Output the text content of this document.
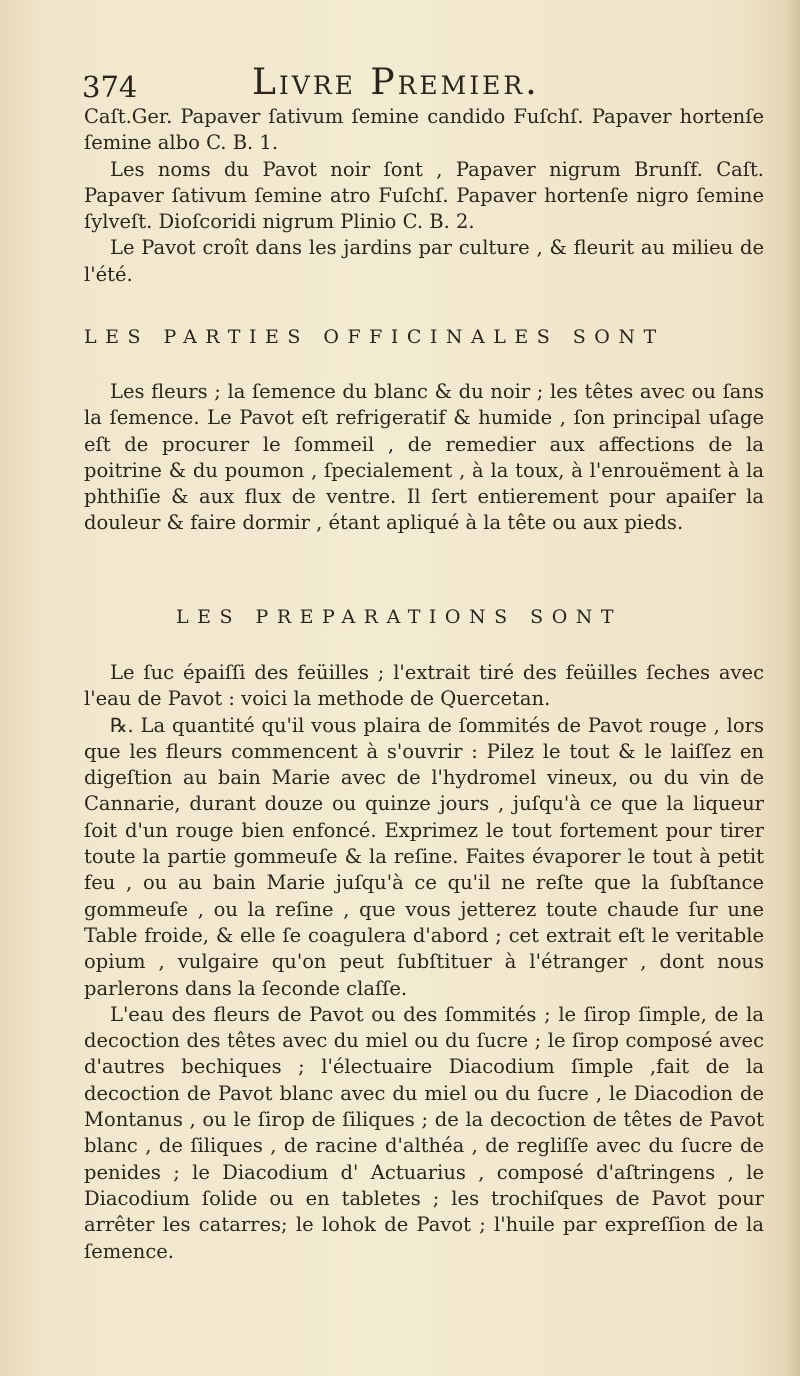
374	Livre Premier.

Caſt.Ger. Papaver ſativum ſemine candido Fuſchſ. Papaver hortenſe ſemine albo C. B. 1.

Les noms du Pavot noir ſont , Papaver nigrum Brunſf. Caſt. Papaver ſativum ſemine atro Fuſchſ. Papaver hortenſe nigro ſemine ſylveſt. Dioſcoridi nigrum Plinio C. B. 2.

Le Pavot croît dans les jardins par culture , & fleurit au milieu de l'été.

LES PARTIES OFFICINALES SONT

Les fleurs ; la ſemence du blanc & du noir ; les têtes avec ou ſans la ſemence. Le Pavot eſt refrigeratif & humide , ſon principal uſage eſt de procurer le ſommeil , de remedier aux affections de la poitrine & du poumon , ſpecialement , à la toux, à l'enrouëment à la phthiſie & aux flux de ventre. Il ſert entierement pour apaiſer la douleur & faire dormir , étant apliqué à la tête ou aux pieds.

LES PREPARATIONS SONT

Le ſuc épaiſſi des feüilles ; l'extrait tiré des feüilles ſeches avec l'eau de Pavot : voici la methode de Quercetan.

℞. La quantité qu'il vous plaira de ſommités de Pavot rouge , lors que les fleurs commencent à s'ouvrir : Pilez le tout & le laiſſez en digeſtion au bain Marie avec de l'hydromel vineux, ou du vin de Cannarie, durant douze ou quinze jours , juſqu'à ce que la liqueur ſoit d'un rouge bien enfoncé. Exprimez le tout fortement pour tirer toute la partie gommeuſe & la reſine. Faites évaporer le tout à petit feu , ou au bain Marie juſqu'à ce qu'il ne reſte que la ſubſtance gommeuſe , ou la reſine , que vous jetterez toute chaude ſur une Table froide, & elle ſe coagulera d'abord ; cet extrait eſt le veritable opium , vulgaire qu'on peut ſubſtituer à l'étranger , dont nous parlerons dans la ſeconde claſſe.

L'eau des fleurs de Pavot ou des ſommités ; le ſirop ſimple, de la decoction des têtes avec du miel ou du ſucre ; le ſirop composé avec d'autres bechiques ; l'électuaire Diacodium ſimple ,fait de la decoction de Pavot blanc avec du miel ou du ſucre , le Diacodion de Montanus , ou le ſirop de ſiliques ; de la decoction de têtes de Pavot blanc , de ſiliques , de racine d'althéa , de regliſſe avec du ſucre de penides ; le Diacodium d' Actuarius , composé d'aſtringens , le Diacodium ſolide ou en tabletes ; les trochiſques de Pavot pour arrêter les catarres; le lohok de Pavot ; l'huile par expreſſion de la ſemence.
